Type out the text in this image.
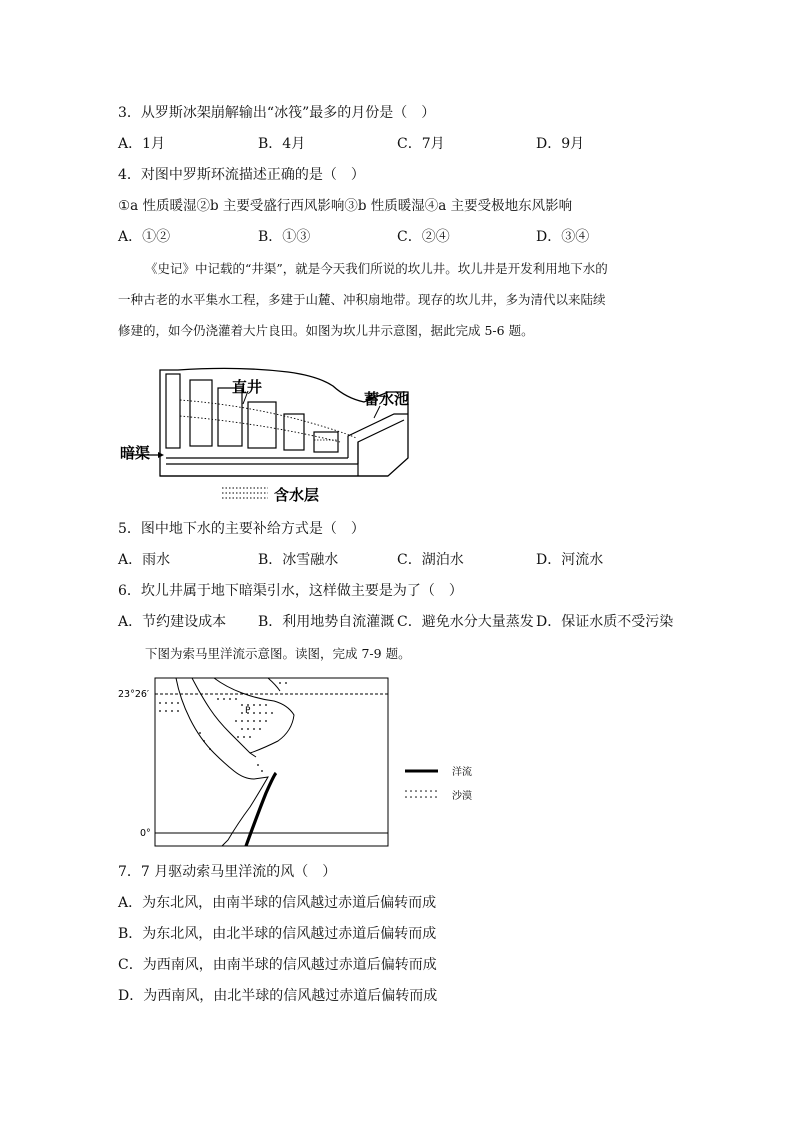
3．从罗斯冰架崩解输出“冰筏”最多的月份是（　）
A．1月	B．4月	C．7月	D．9月
4．对图中罗斯环流描述正确的是（　）
①a 性质暖湿②b 主要受盛行西风影响③b 性质暖湿④a 主要受极地东风影响
A．①②	B．①③	C．②④	D．③④
《史记》中记载的“井渠”，就是今天我们所说的坎儿井。坎儿井是开发利用地下水的
一种古老的水平集水工程，多建于山麓、冲积扇地带。现存的坎儿井，多为清代以来陆续
修建的，如今仍浇灌着大片良田。如图为坎儿井示意图，据此完成 5-6 题。
直井
蓄水池
暗渠
含水层
5．图中地下水的主要补给方式是（　）
A．雨水	B．冰雪融水	C．湖泊水	D．河流水
6．坎儿井属于地下暗渠引水，这样做主要是为了（　）
A．节约建设成本 B．利用地势自流灌溉 C．避免水分大量蒸发 D．保证水质不受污染
下图为索马里洋流示意图。读图，完成 7-9 题。
P
23°26′
0°
洋流
沙漠
7．7 月驱动索马里洋流的风（　）
A．为东北风，由南半球的信风越过赤道后偏转而成
B．为东北风，由北半球的信风越过赤道后偏转而成
C．为西南风，由南半球的信风越过赤道后偏转而成
D．为西南风，由北半球的信风越过赤道后偏转而成
